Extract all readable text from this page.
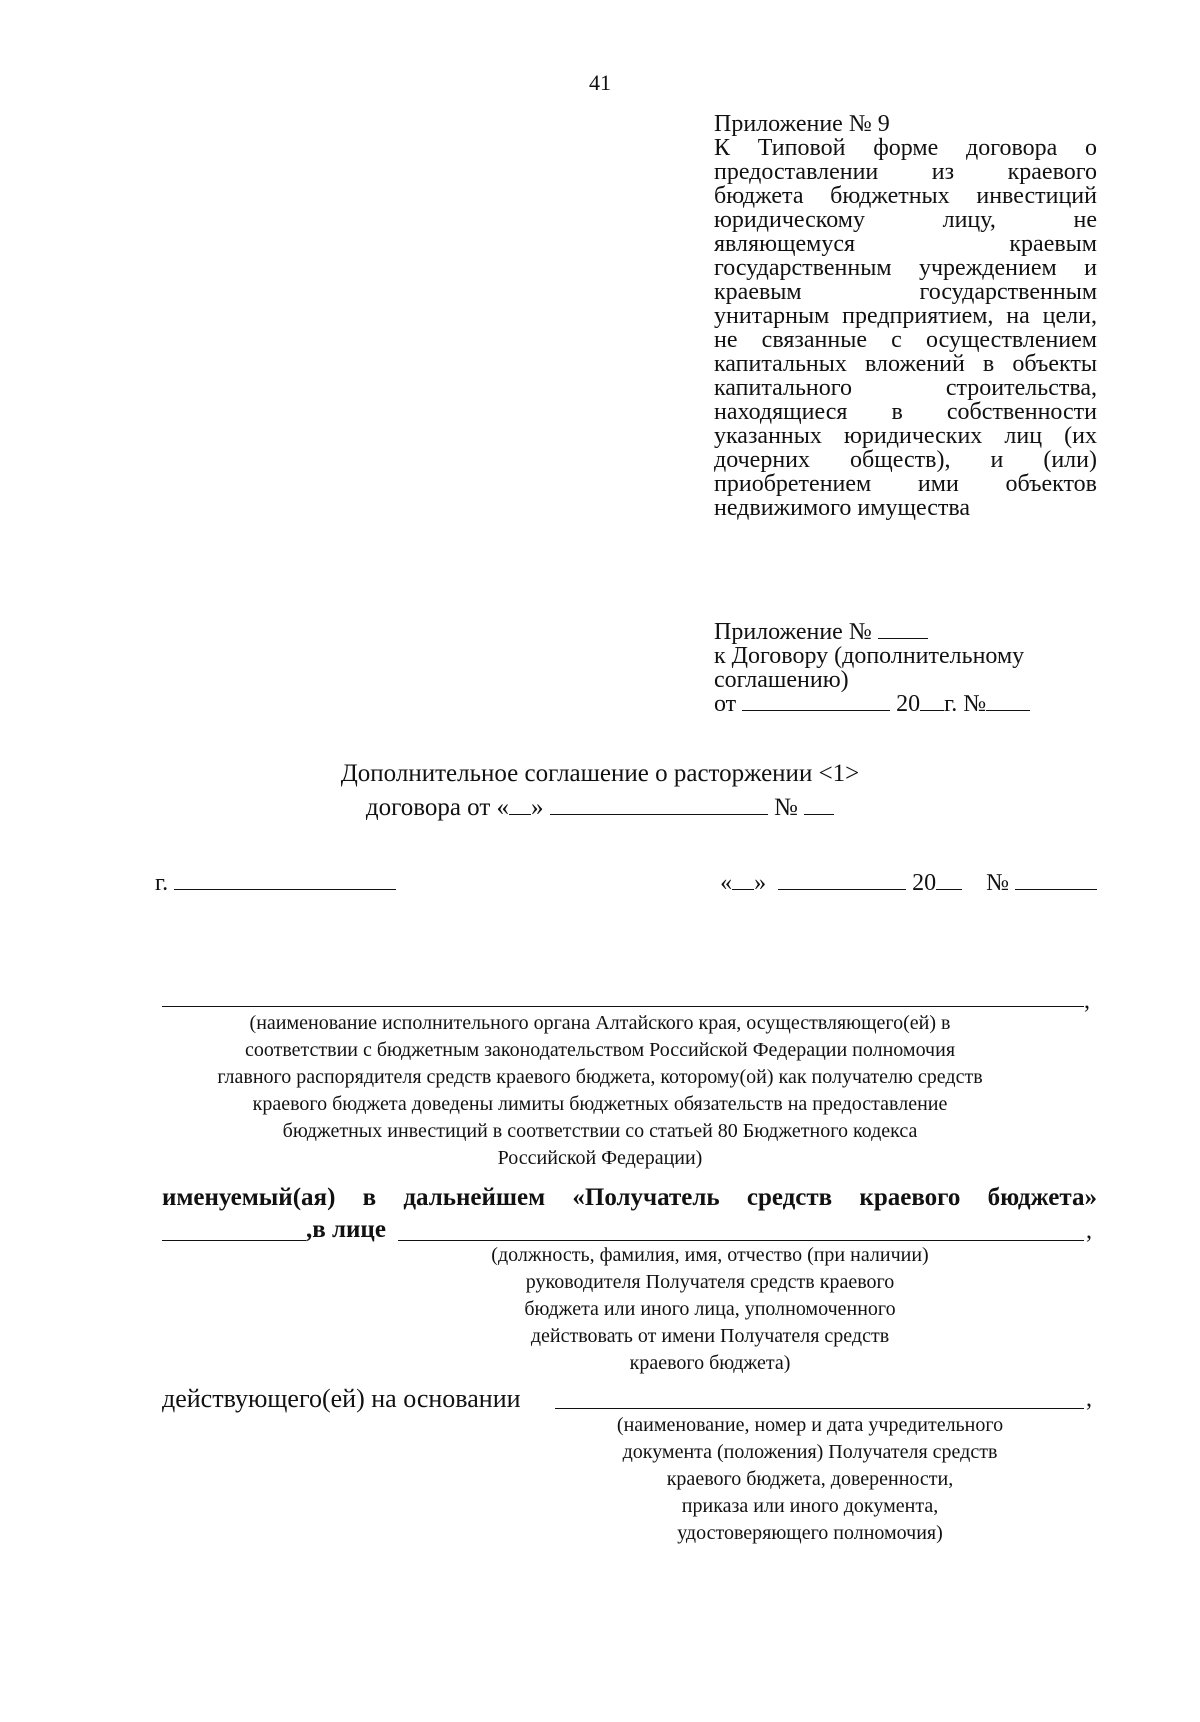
41
Приложение № 9
К Типовой форме договора о предоставлении из краевого бюджета бюджетных инвестиций юридическому лицу, не являющемуся краевым государственным учреждением и краевым государственным унитарным предприятием, на цели, не связанные с осуществлением капитальных вложений в объекты капитального строительства, находящиеся в собственности указанных юридических лиц (их дочерних обществ), и (или) приобретением ими объектов недвижимого имущества
Приложение №
к Договору (дополнительному
соглашению)
от	20 г. №
Дополнительное соглашение о расторжении <1>
договора от « »	№
г.	« »	20 №
,
(наименование исполнительного органа Алтайского края, осуществляющего(ей) в
соответствии с бюджетным законодательством Российской Федерации полномочия
главного распорядителя средств краевого бюджета, которому(ой) как получателю средств
краевого бюджета доведены лимиты бюджетных обязательств на предоставление
бюджетных инвестиций в соответствии со статьей 80 Бюджетного кодекса
Российской Федерации)
именуемый(ая) в дальнейшем «Получатель средств краевого бюджета»
,в лице	,
(должность, фамилия, имя, отчество (при наличии)
руководителя Получателя средств краевого
бюджета или иного лица, уполномоченного
действовать от имени Получателя средств
краевого бюджета)
действующего(ей) на основании	,
(наименование, номер и дата учредительного
документа (положения) Получателя средств
краевого бюджета, доверенности,
приказа или иного документа,
удостоверяющего полномочия)
